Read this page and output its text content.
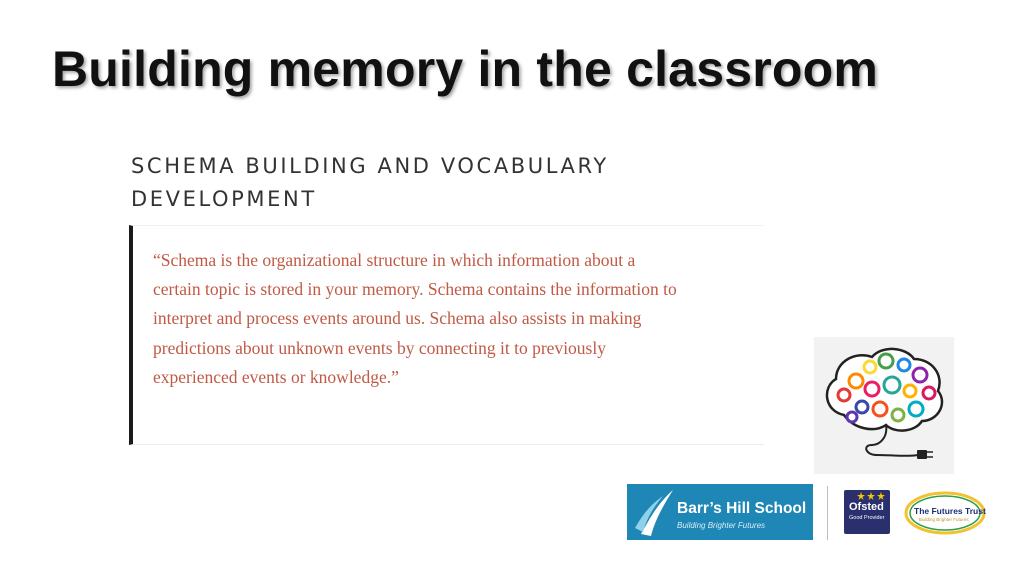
Building memory in the classroom
SCHEMA BUILDING AND VOCABULARY
DEVELOPMENT
“Schema is the organizational structure in which information about a
certain topic is stored in your memory. Schema contains the information to
interpret and process events around us. Schema also assists in making
predictions about unknown events by connecting it to previously
experienced events or knowledge.”
Barr’s Hill School
Building Brighter Futures
Ofsted
Good Provider
The Futures Trust
Building Brighter Futures
